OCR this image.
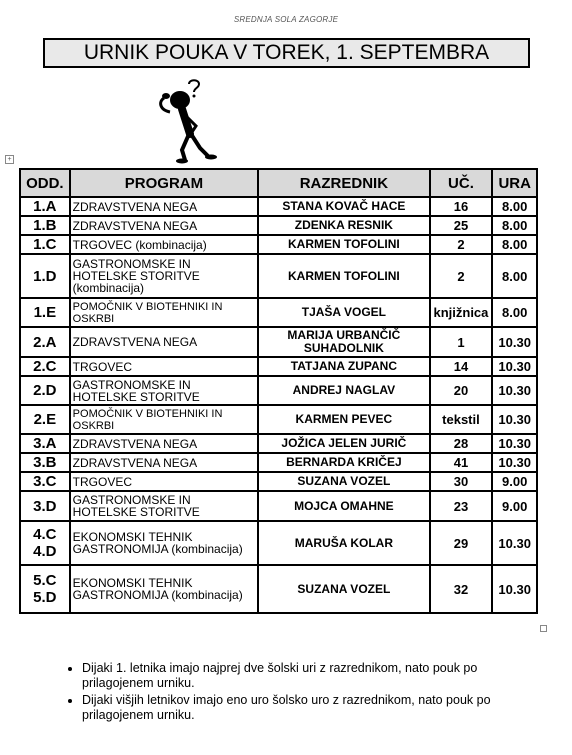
SREDNJA SOLA ZAGORJE
URNIK POUKA V TOREK, 1. SEPTEMBRA
+
ODD.	PROGRAM	RAZREDNIK	UČ.	URA
1.A	ZDRAVSTVENA NEGA	STANA KOVAČ HACE	16	8.00
1.B	ZDRAVSTVENA NEGA	ZDENKA RESNIK	25	8.00
1.C	TRGOVEC (kombinacija)	KARMEN TOFOLINI	2	8.00
1.D	GASTRONOMSKE IN HOTELSKE STORITVE (kombinacija)	KARMEN TOFOLINI	2	8.00
1.E	POMOČNIK V BIOTEHNIKI IN OSKRBI	TJAŠA VOGEL	knjižnica	8.00
2.A	ZDRAVSTVENA NEGA	MARIJA URBANČIČ SUHADOLNIK	1	10.30
2.C	TRGOVEC	TATJANA ZUPANC	14	10.30
2.D	GASTRONOMSKE IN HOTELSKE STORITVE	ANDREJ NAGLAV	20	10.30
2.E	POMOČNIK V BIOTEHNIKI IN OSKRBI	KARMEN PEVEC	tekstil	10.30
3.A	ZDRAVSTVENA NEGA	JOŽICA JELEN JURIČ	28	10.30
3.B	ZDRAVSTVENA NEGA	BERNARDA KRIČEJ	41	10.30
3.C	TRGOVEC	SUZANA VOZEL	30	9.00
3.D	GASTRONOMSKE IN HOTELSKE STORITVE	MOJCA OMAHNE	23	9.00
4.C 4.D	EKONOMSKI TEHNIK GASTRONOMIJA (kombinacija)	MARUŠA KOLAR	29	10.30
5.C 5.D	EKONOMSKI TEHNIK GASTRONOMIJA (kombinacija)	SUZANA VOZEL	32	10.30
• Dijaki 1. letnika imajo najprej dve šolski uri z razrednikom, nato pouk po prilagojenem urniku.
• Dijaki višjih letnikov imajo eno uro šolsko uro z razrednikom, nato pouk po prilagojenem urniku.
